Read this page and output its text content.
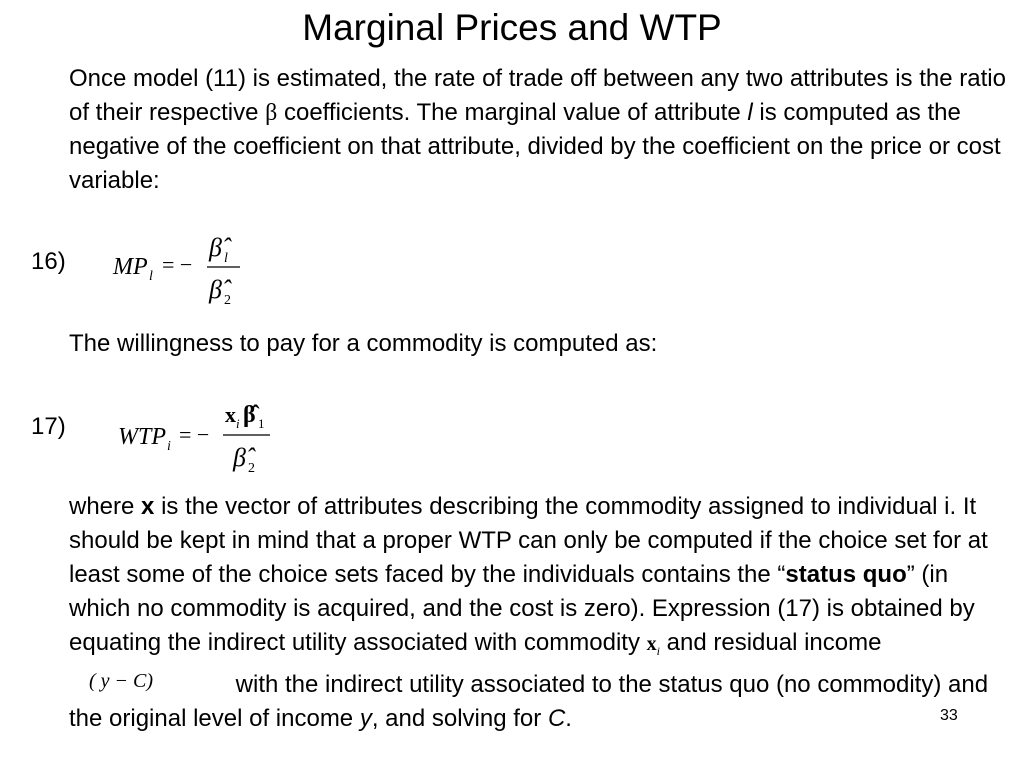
Marginal Prices and WTP
Once model (11) is estimated, the rate of trade off between any two attributes is the ratio of their respective β coefficients. The marginal value of attribute l is computed as the negative of the coefficient on that attribute, divided by the coefficient on the price or cost variable:
16) MP l = −
β̂ l
β̂ 2
The willingness to pay for a commodity is computed as:
17) WTP i = −
x i β̂ 1
β̂ 2
where x is the vector of attributes describing the commodity assigned to individual i. It should be kept in mind that a proper WTP can only be computed if the choice set for at least some of the choice sets faced by the individuals contains the “status quo” (in which no commodity is acquired, and the cost is zero). Expression (17) is obtained by equating the indirect utility associated with commodity $x_i$ and residual income
( y − C)	with the indirect utility associated to the status quo (no commodity) and the original level of income y, and solving for C.	33
